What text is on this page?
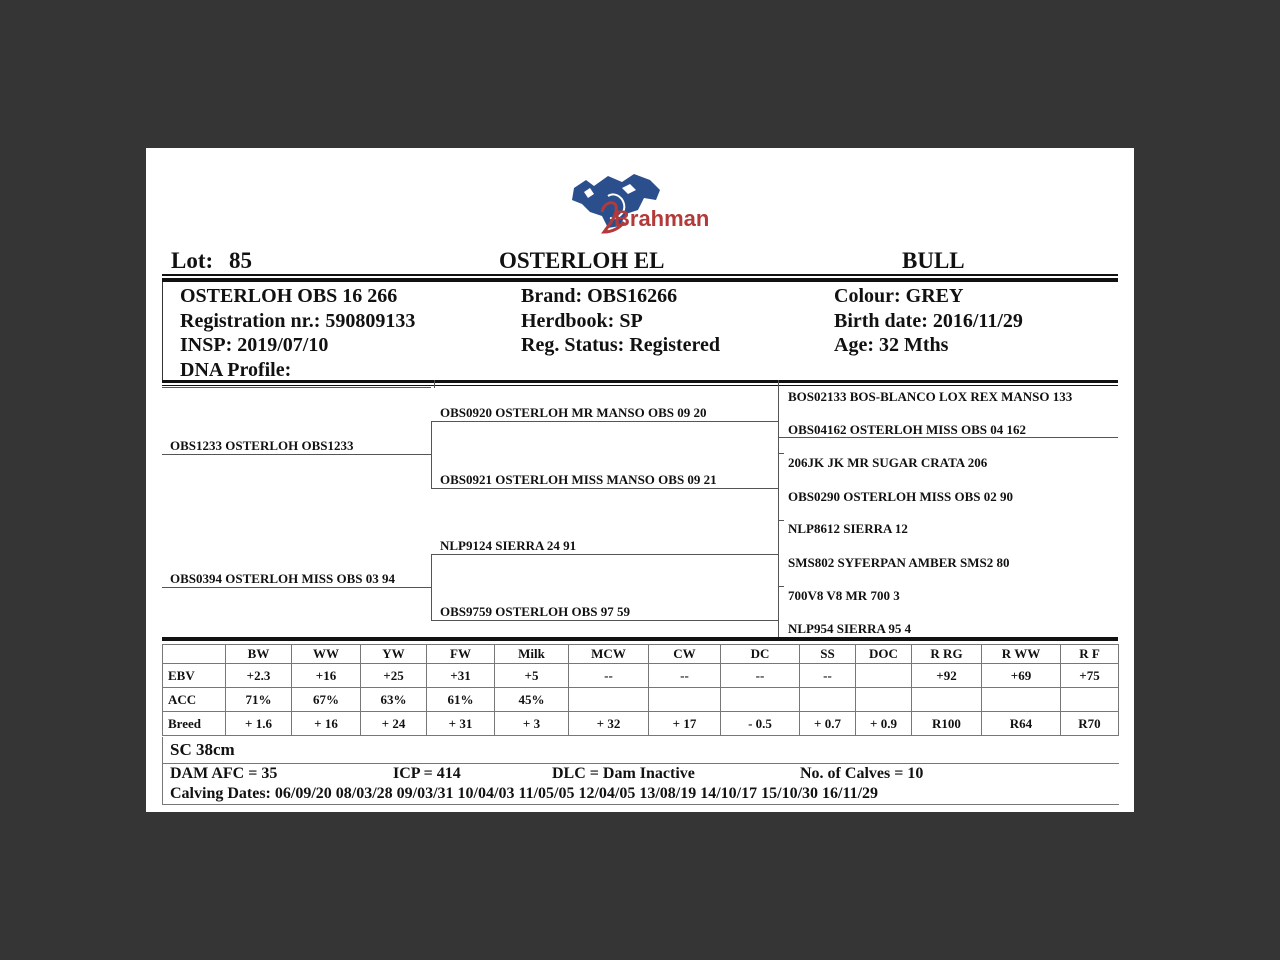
Brahman
Lot: 85	OSTERLOH EL	BULL
OSTERLOH OBS 16 266
Registration nr.: 590809133
INSP: 2019/07/10
DNA Profile:
Brand: OBS16266
Herdbook: SP
Reg. Status: Registered
Colour: GREY
Birth date: 2016/11/29
Age: 32 Mths
BOS02133 BOS-BLANCO LOX REX MANSO 133
OBS04162 OSTERLOH MISS OBS 04 162
206JK JK MR SUGAR CRATA 206
OBS0290 OSTERLOH MISS OBS 02 90
NLP8612 SIERRA 12
SMS802 SYFERPAN AMBER SMS2 80
700V8 V8 MR 700 3
NLP954 SIERRA 95 4
OBS0920 OSTERLOH MR MANSO OBS 09 20
OBS0921 OSTERLOH MISS MANSO OBS 09 21
NLP9124 SIERRA 24 91
OBS9759 OSTERLOH OBS 97 59
OBS1233 OSTERLOH OBS1233
OBS0394 OSTERLOH MISS OBS 03 94
	BW	WW	YW	FW	Milk	MCW	CW	DC	SS	DOC	R RG	R WW	R F
EBV	+2.3	+16	+25	+31	+5	--	--	--	--		+92	+69	+75
ACC	71%	67%	63%	61%	45%								
Breed	+ 1.6	+ 16	+ 24	+ 31	+ 3	+ 32	+ 17	- 0.5	+ 0.7	+ 0.9	R100	R64	R70
SC 38cm
DAM AFC = 35	ICP = 414	DLC = Dam Inactive	No. of Calves = 10
Calving Dates: 06/09/20 08/03/28 09/03/31 10/04/03 11/05/05 12/04/05 13/08/19 14/10/17 15/10/30 16/11/29
